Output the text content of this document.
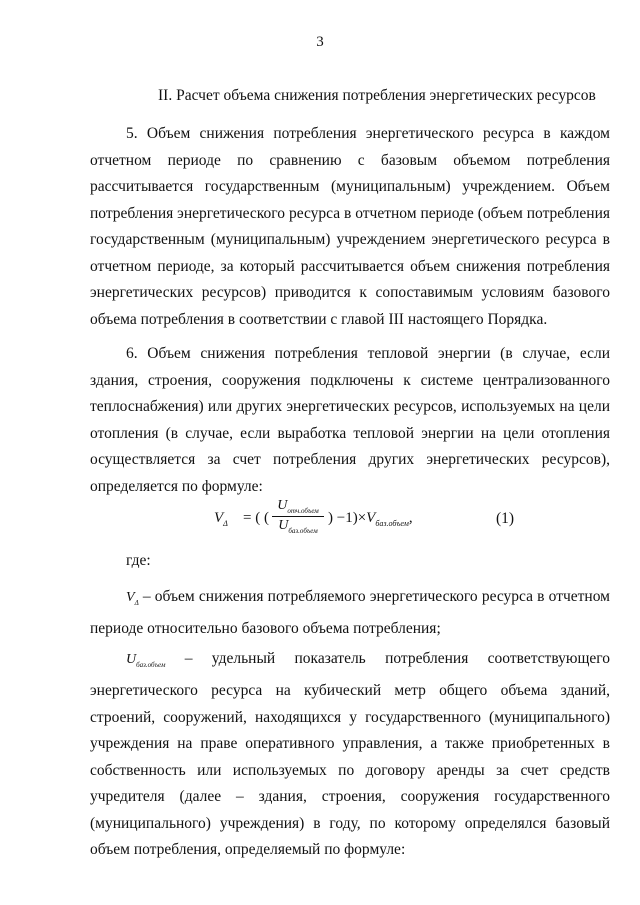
3
II. Расчет объема снижения потребления энергетических ресурсов

5. Объем снижения потребления энергетического ресурса в каждом отчетном периоде по сравнению с базовым объемом потребления рассчитывается государственным (муниципальным) учреждением. Объем потребления энергетического ресурса в отчетном периоде (объем потребления государственным (муниципальным) учреждением энергетического ресурса в отчетном периоде, за который рассчитывается объем снижения потребления энергетических ресурсов) приводится к сопоставимым условиям базового объема потребления в соответствии с главой III настоящего Порядка.

6. Объем снижения потребления тепловой энергии (в случае, если здания, строения, сооружения подключены к системе централизованного теплоснабжения) или других энергетических ресурсов, используемых на цели отопления (в случае, если выработка тепловой энергии на цели отопления осуществляется за счет потребления других энергетических ресурсов), определяется по формуле:

$V_\Delta$ = ( (
$U_{отч.объем}$
$U_{баз.объем}$
) $-1)\times V_{баз.объем}$,	(1)
где:

$V_\Delta$ – объем снижения потребляемого энергетического ресурса в отчетном периоде относительно базового объема потребления;

$U_{баз.объем}$ – удельный показатель потребления соответствующего энергетического ресурса на кубический метр общего объема зданий, строений, сооружений, находящихся у государственного (муниципального) учреждения на праве оперативного управления, а также приобретенных в собственность или используемых по договору аренды за счет средств учредителя (далее – здания, строения, сооружения государственного (муниципального) учреждения) в году, по которому определялся базовый объем потребления, определяемый по формуле:
